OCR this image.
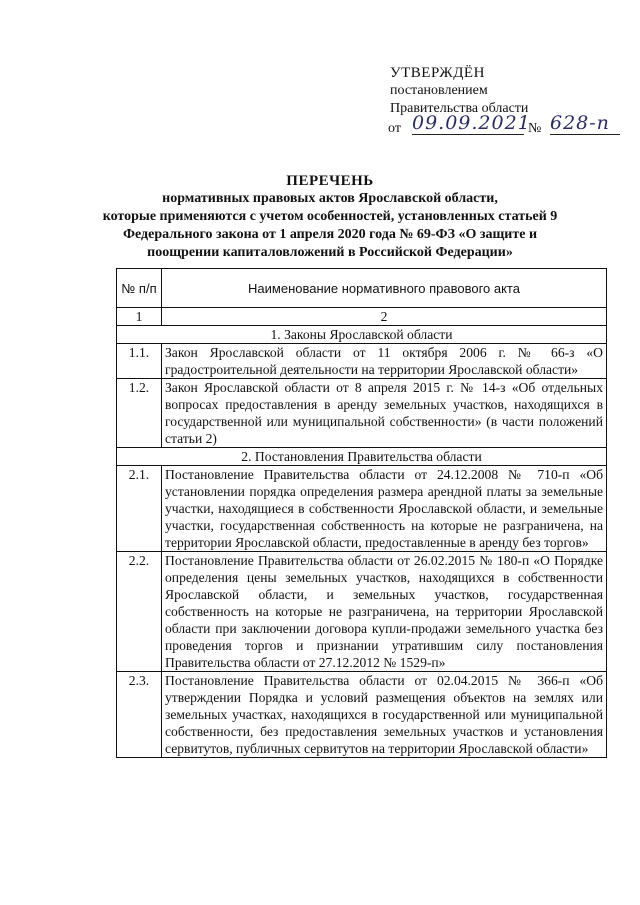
УТВЕРЖДЁН
постановлением
Правительства области
от 09.09.2021
№ 628-п
ПЕРЕЧЕНЬ
нормативных правовых актов Ярославской области,
которые применяются с учетом особенностей, установленных статьей 9
Федерального закона от 1 апреля 2020 года № 69-ФЗ «О защите и
поощрении капиталовложений в Российской Федерации»
№ п/п	Наименование нормативного правового акта
1	2
1. Законы Ярославской области	
1.1.	Закон Ярославской области от 11 октября 2006 г. № 66-з «О градостроительной деятельности на территории Ярославской области»
1.2.	Закон Ярославской области от 8 апреля 2015 г. № 14-з «Об отдельных вопросах предоставления в аренду земельных участков, находящихся в государственной или муниципальной собственности» (в части положений статьи 2)
2. Постановления Правительства области	
2.1.	Постановление Правительства области от 24.12.2008 № 710-п «Об установлении порядка определения размера арендной платы за земельные участки, находящиеся в собственности Ярославской области, и земельные участки, государственная собственность на которые не разграничена, на территории Ярославской области, предоставленные в аренду без торгов»
2.2.	Постановление Правительства области от 26.02.2015 № 180-п «О Порядке определения цены земельных участков, находящихся в собственности Ярославской области, и земельных участков, государственная собственность на которые не разграничена, на территории Ярославской области при заключении договора купли-продажи земельного участка без проведения торгов и признании утратившим силу постановления Правительства области от 27.12.2012 № 1529-п»
2.3.	Постановление Правительства области от 02.04.2015 № 366-п «Об утверждении Порядка и условий размещения объектов на землях или земельных участках, находящихся в государственной или муниципальной собственности, без предоставления земельных участков и установления сервитутов, публичных сервитутов на территории Ярославской области»
